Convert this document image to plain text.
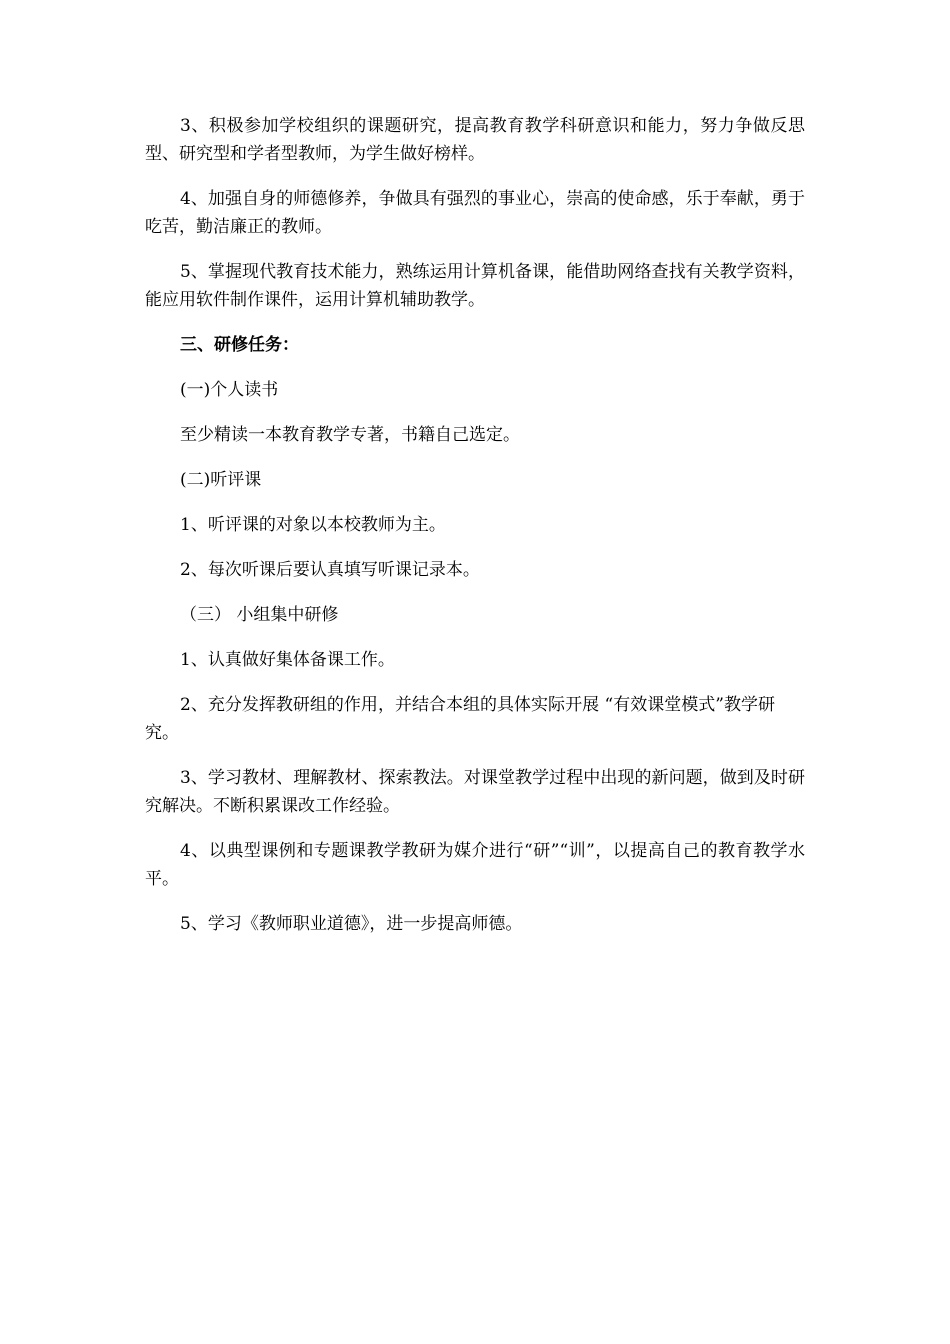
3、积极参加学校组织的课题研究，提高教育教学科研意识和能力，努力争做反思型、研究型和学者型教师，为学生做好榜样。

4、加强自身的师德修养，争做具有强烈的事业心，崇高的使命感，乐于奉献，勇于吃苦，勤洁廉正的教师。

5、掌握现代教育技术能力，熟练运用计算机备课，能借助网络查找有关教学资料，能应用软件制作课件，运用计算机辅助教学。

三、研修任务：

(一)个人读书

至少精读一本教育教学专著，书籍自己选定。

(二)听评课

1、听评课的对象以本校教师为主。

2、每次听课后要认真填写听课记录本。

（三） 小组集中研修

1、认真做好集体备课工作。

2、充分发挥教研组的作用，并结合本组的具体实际开展 “有效课堂模式”教学研究。

3、学习教材、理解教材、探索教法。对课堂教学过程中出现的新问题，做到及时研究解决。不断积累课改工作经验。

4、以典型课例和专题课教学教研为媒介进行“研”“训”，以提高自己的教育教学水平。

5、学习《教师职业道德》，进一步提高师德。
